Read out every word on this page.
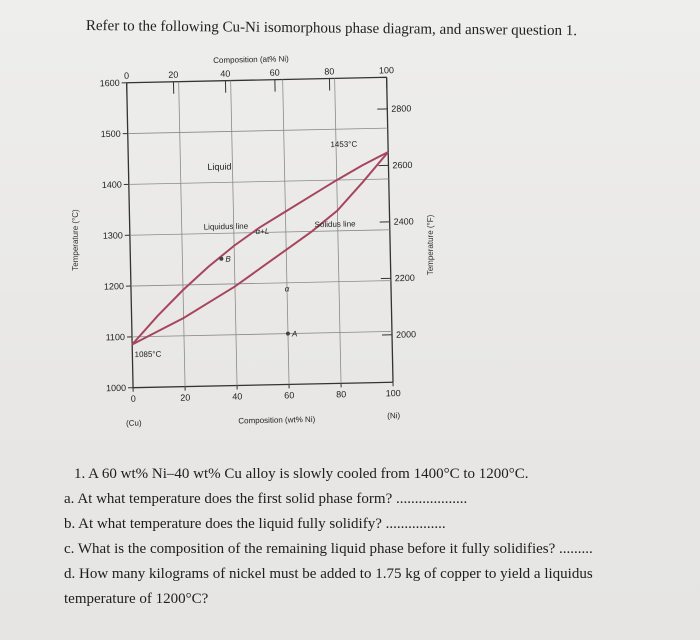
Refer to the following Cu-Ni isomorphous phase diagram, and answer question 1.
1000
1100
1200
1300
1400
1500
1600
0	20	40	60	80	100
(Cu)
(Ni)
Composition (wt% Ni)
0	20	40	60	80	100
Composition (at% Ni)
2000
2200
2400
2600
2800
Liquid
α+L
α
1453°C
1085°C
Liquidus line	Solidus line
A
B
Temperature (°C)	Temperature (°F)

1. A 60 wt% Ni–40 wt% Cu alloy is slowly cooled from 1400°C to 1200°C.

a. At what temperature does the first solid phase form? ...................

b. At what temperature does the liquid fully solidify? ................

c. What is the composition of the remaining liquid phase before it fully solidifies? .........

d. How many kilograms of nickel must be added to 1.75 kg of copper to yield a liquidus

temperature of 1200°C?
